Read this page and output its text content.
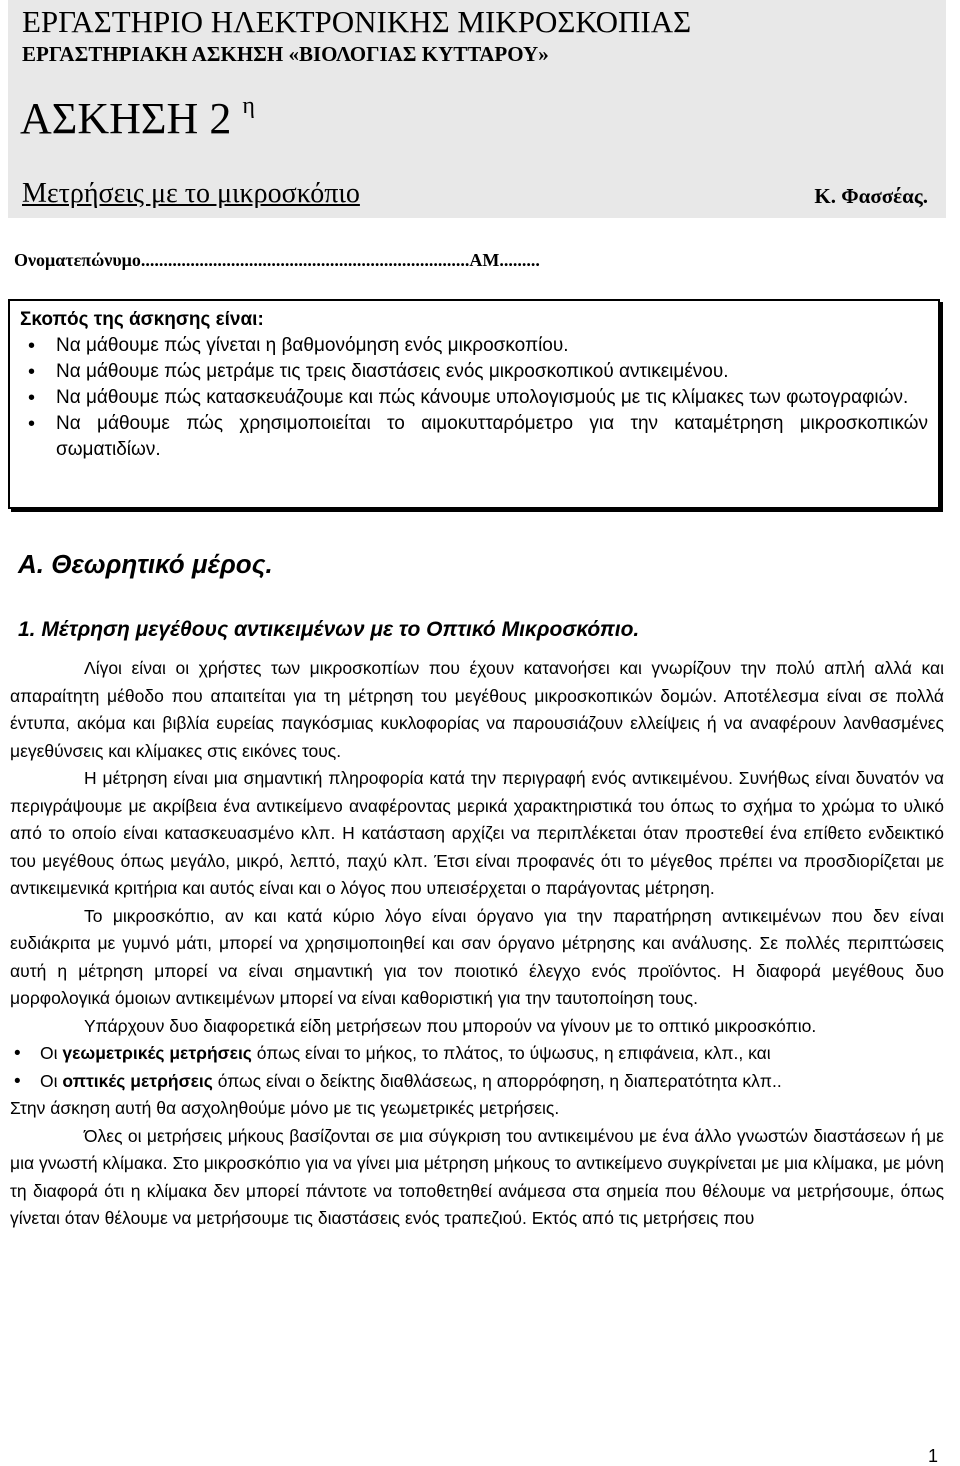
ΕΡΓΑΣΤΗΡΙΟ ΗΛΕΚΤΡΟΝΙΚΗΣ ΜΙΚΡΟΣΚΟΠΙΑΣ
ΕΡΓΑΣΤΗΡΙΑΚΗ ΑΣΚΗΣΗ «ΒΙΟΛΟΓΙΑΣ ΚΥΤΤΑΡΟΥ»
ΑΣΚΗΣΗ 2 $^\eta$
Μετρήσεις με το μικροσκόπιο	Κ. Φασσέας.
Ονοματεπώνυμο.........................................................................ΑΜ.........
Σκοπός της άσκησης είναι:
• Να μάθουμε πώς γίνεται η βαθμονόμηση ενός μικροσκοπίου.
• Να μάθουμε πώς μετράμε τις τρεις διαστάσεις ενός μικροσκοπικού αντικειμένου.
• Να μάθουμε πώς κατασκευάζουμε και πώς κάνουμε υπολογισμούς με τις κλίμακες των φωτογραφιών.
• Να μάθουμε πώς χρησιμοποιείται το αιμοκυτταρόμετρο για την καταμέτρηση μικροσκοπικών σωματιδίων.
Α. Θεωρητικό μέρος.
1. Μέτρηση μεγέθους αντικειμένων με το Οπτικό Μικροσκόπιο.

Λίγοι είναι οι χρήστες των μικροσκοπίων που έχουν κατανοήσει και γνωρίζουν την πολύ απλή αλλά και απαραίτητη μέθοδο που απαιτείται για τη μέτρηση του μεγέθους μικροσκοπικών δομών. Αποτέλεσμα είναι σε πολλά έντυπα, ακόμα και βιβλία ευρείας παγκόσμιας κυκλοφορίας να παρουσιάζουν ελλείψεις ή να αναφέρουν λανθασμένες μεγεθύνσεις και κλίμακες στις εικόνες τους.

Η μέτρηση είναι μια σημαντική πληροφορία κατά την περιγραφή ενός αντικειμένου. Συνήθως είναι δυνατόν να περιγράψουμε με ακρίβεια ένα αντικείμενο αναφέροντας μερικά χαρακτηριστικά του όπως το σχήμα το χρώμα το υλικό από το οποίο είναι κατασκευασμένο κλπ. Η κατάσταση αρχίζει να περιπλέκεται όταν προστεθεί ένα επίθετο ενδεικτικό του μεγέθους όπως μεγάλο, μικρό, λεπτό, παχύ κλπ. Έτσι είναι προφανές ότι το μέγεθος πρέπει να προσδιορίζεται με αντικειμενικά κριτήρια και αυτός είναι και ο λόγος που υπεισέρχεται ο παράγοντας μέτρηση.

Το μικροσκόπιο, αν και κατά κύριο λόγο είναι όργανο για την παρατήρηση αντικειμένων που δεν είναι ευδιάκριτα με γυμνό μάτι, μπορεί να χρησιμοποιηθεί και σαν όργανο μέτρησης και ανάλυσης. Σε πολλές περιπτώσεις αυτή η μέτρηση μπορεί να είναι σημαντική για τον ποιοτικό έλεγχο ενός προϊόντος. Η διαφορά μεγέθους δυο μορφολογικά όμοιων αντικειμένων μπορεί να είναι καθοριστική για την ταυτοποίηση τους.

Υπάρχουν δυο διαφορετικά είδη μετρήσεων που μπορούν να γίνουν με το οπτικό μικροσκόπιο.

• Οι γεωμετρικές μετρήσεις όπως είναι το μήκος, το πλάτος, το ύψωσυς, η επιφάνεια, κλπ., και
• Οι οπτικές μετρήσεις όπως είναι ο δείκτης διαθλάσεως, η απορρόφηση, η διαπερατότητα κλπ..

Στην άσκηση αυτή θα ασχοληθούμε μόνο με τις γεωμετρικές μετρήσεις.

Όλες οι μετρήσεις μήκους βασίζονται σε μια σύγκριση του αντικειμένου με ένα άλλο γνωστών διαστάσεων ή με μια γνωστή κλίμακα. Στο μικροσκόπιο για να γίνει μια μέτρηση μήκους το αντικείμενο συγκρίνεται με μια κλίμακα, με μόνη τη διαφορά ότι η κλίμακα δεν μπορεί πάντοτε να τοποθετηθεί ανάμεσα στα σημεία που θέλουμε να μετρήσουμε, όπως γίνεται όταν θέλουμε να μετρήσουμε τις διαστάσεις ενός τραπεζιού. Εκτός από τις μετρήσεις που

1
